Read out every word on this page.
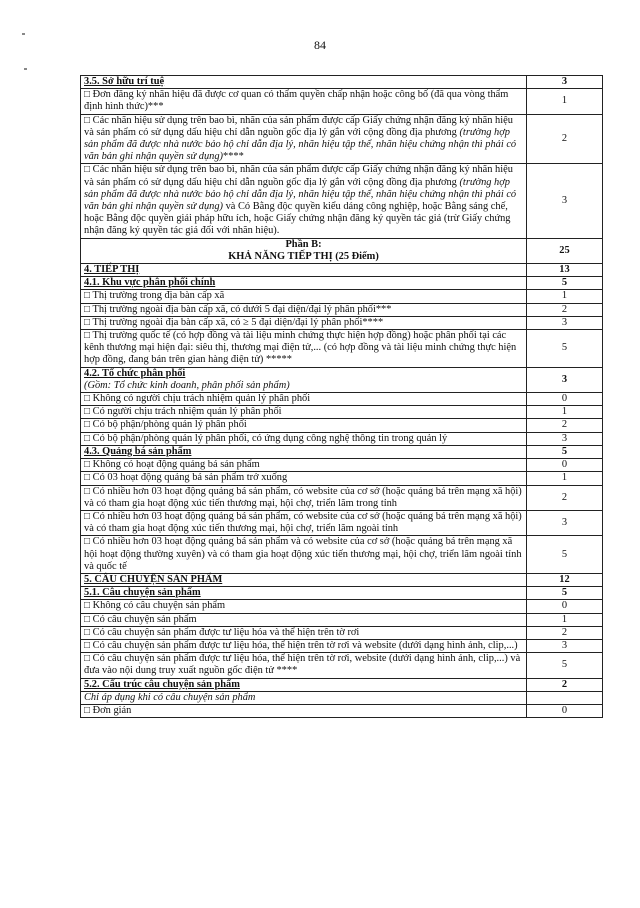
84
3.5. Sở hữu trí tuệ	3
□ Đơn đăng ký nhãn hiệu đã được cơ quan có thẩm quyền chấp nhận hoặc công bố (đã qua vòng thẩm định hình thức)***	1
□ Các nhãn hiệu sử dụng trên bao bì, nhãn của sản phẩm được cấp Giấy chứng nhận đăng ký nhãn hiệu và sản phẩm có sử dụng dấu hiệu chỉ dẫn nguồn gốc địa lý gắn với cộng đồng địa phương (trường hợp sản phẩm đã được nhà nước bảo hộ chỉ dẫn địa lý, nhãn hiệu tập thể, nhãn hiệu chứng nhận thì phải có văn bản ghi nhận quyền sử dụng)****	2
□ Các nhãn hiệu sử dụng trên bao bì, nhãn của sản phẩm được cấp Giấy chứng nhận đăng ký nhãn hiệu và sản phẩm có sử dụng dấu hiệu chỉ dẫn nguồn gốc địa lý gắn với cộng đồng địa phương (trường hợp sản phẩm đã được nhà nước bảo hộ chỉ dẫn địa lý, nhãn hiệu tập thể, nhãn hiệu chứng nhận thì phải có văn bản ghi nhận quyền sử dụng) và Có Bằng độc quyền kiểu dáng công nghiệp, hoặc Bằng sáng chế, hoặc Bằng độc quyền giải pháp hữu ích, hoặc Giấy chứng nhận đăng ký quyền tác giả (trừ Giấy chứng nhận đăng ký quyền tác giả đối với nhãn hiệu).	3
Phần B:
KHẢ NĂNG TIẾP THỊ (25 Điểm)	25
4. TIẾP THỊ	13
4.1. Khu vực phân phối chính	5
□ Thị trường trong địa bàn cấp xã	1
□ Thị trường ngoài địa bàn cấp xã, có dưới 5 đại diện/đại lý phân phối***	2
□ Thị trường ngoài địa bàn cấp xã, có ≥ 5 đại diện/đại lý phân phối****	3
□ Thị trường quốc tế (có hợp đồng và tài liệu minh chứng thực hiện hợp đồng) hoặc phân phối tại các kênh thương mại hiện đại: siêu thị, thương mại điện tử,... (có hợp đồng và tài liệu minh chứng thực hiện hợp đồng, đang bán trên gian hàng điện tử) *****	5
4.2. Tổ chức phân phối
(Gồm: Tổ chức kinh doanh, phân phối sản phẩm)	3
□ Không có người chịu trách nhiệm quản lý phân phối	0
□ Có người chịu trách nhiệm quản lý phân phối	1
□ Có bộ phận/phòng quản lý phân phối	2
□ Có bộ phận/phòng quản lý phân phối, có ứng dụng công nghệ thông tin trong quản lý	3
4.3. Quảng bá sản phẩm	5
□ Không có hoạt động quảng bá sản phẩm	0
□ Có 03 hoạt động quảng bá sản phẩm trở xuống	1
□ Có nhiều hơn 03 hoạt động quảng bá sản phẩm, có website của cơ sở (hoặc quảng bá trên mạng xã hội) và có tham gia hoạt động xúc tiến thương mại, hội chợ, triển lãm trong tỉnh	2
□ Có nhiều hơn 03 hoạt động quảng bá sản phẩm, có website của cơ sở (hoặc quảng bá trên mạng xã hội) và có tham gia hoạt động xúc tiến thương mại, hội chợ, triển lãm ngoài tỉnh	3
□ Có nhiều hơn 03 hoạt động quảng bá sản phẩm và có website của cơ sở (hoặc quảng bá trên mạng xã hội hoạt động thường xuyên) và có tham gia hoạt động xúc tiến thương mại, hội chợ, triển lãm ngoài tỉnh và quốc tế	5
5. CÂU CHUYỆN SẢN PHẨM	12
5.1. Câu chuyện sản phẩm	5
□ Không có câu chuyện sản phẩm	0
□ Có câu chuyện sản phẩm	1
□ Có câu chuyện sản phẩm được tư liệu hóa và thể hiện trên tờ rơi	2
□ Có câu chuyện sản phẩm được tư liệu hóa, thể hiện trên tờ rơi và website (dưới dạng hình ảnh, clip,...)	3
□ Có câu chuyện sản phẩm được tư liệu hóa, thể hiện trên tờ rơi, website (dưới dạng hình ảnh, clip,...) và đưa vào nội dung truy xuất nguồn gốc điện tử ****	5
5.2. Cấu trúc câu chuyện sản phẩm	2
Chỉ áp dụng khi có câu chuyện sản phẩm	
□ Đơn giản	0
